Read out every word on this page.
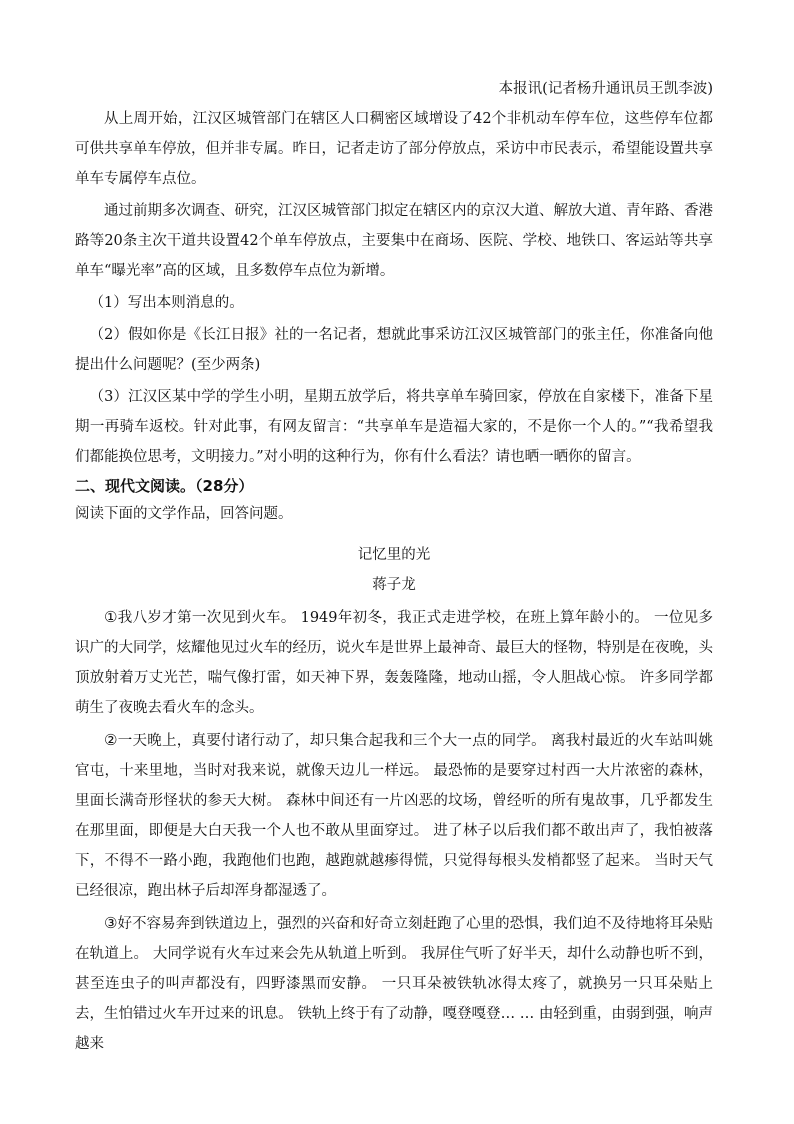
本报讯(记者杨升通讯员王凯李波)

从上周开始，江汉区城管部门在辖区人口稠密区域增设了42个非机动车停车位，这些停车位都可供共享单车停放，但并非专属。昨日，记者走访了部分停放点，采访中市民表示，希望能设置共享单车专属停车点位。

通过前期多次调查、研究，江汉区城管部门拟定在辖区内的京汉大道、解放大道、青年路、香港路等20条主次干道共设置42个单车停放点，主要集中在商场、医院、学校、地铁口、客运站等共享单车“曝光率”高的区域，且多数停车点位为新增。

（1）写出本则消息的。

（2）假如你是《长江日报》社的一名记者，想就此事采访江汉区城管部门的张主任，你准备向他提出什么问题呢？(至少两条)

（3）江汉区某中学的学生小明，星期五放学后，将共享单车骑回家，停放在自家楼下，准备下星期一再骑车返校。针对此事，有网友留言：“共享单车是造福大家的，不是你一个人的。”“我希望我们都能换位思考，文明接力。”对小明的这种行为，你有什么看法？请也晒一晒你的留言。

二、现代文阅读。（28分）
阅读下面的文学作品，回答问题。
记忆里的光
蒋子龙

①我八岁才第一次见到火车。 1949年初冬，我正式走进学校，在班上算年龄小的。 一位见多识广的大同学，炫耀他见过火车的经历，说火车是世界上最神奇、最巨大的怪物，特别是在夜晚，头顶放射着万丈光芒，喘气像打雷，如天神下界，轰轰隆隆，地动山摇，令人胆战心惊。 许多同学都萌生了夜晚去看火车的念头。

②一天晚上，真要付诸行动了，却只集合起我和三个大一点的同学。 离我村最近的火车站叫姚官屯，十来里地，当时对我来说，就像天边儿一样远。 最恐怖的是要穿过村西一大片浓密的森林，里面长满奇形怪状的参天大树。 森林中间还有一片凶恶的坟场，曾经听的所有鬼故事，几乎都发生在那里面，即便是大白天我一个人也不敢从里面穿过。 进了林子以后我们都不敢出声了，我怕被落下，不得不一路小跑，我跑他们也跑，越跑就越瘆得慌，只觉得每根头发梢都竖了起来。 当时天气已经很凉，跑出林子后却浑身都湿透了。

③好不容易奔到铁道边上，强烈的兴奋和好奇立刻赶跑了心里的恐惧，我们迫不及待地将耳朵贴在轨道上。 大同学说有火车过来会先从轨道上听到。 我屏住气听了好半天，却什么动静也听不到，甚至连虫子的叫声都没有，四野漆黑而安静。 一只耳朵被铁轨冰得太疼了，就换另一只耳朵贴上去，生怕错过火车开过来的讯息。 铁轨上终于有了动静，嘎登嘎登… … 由轻到重，由弱到强，响声越来
